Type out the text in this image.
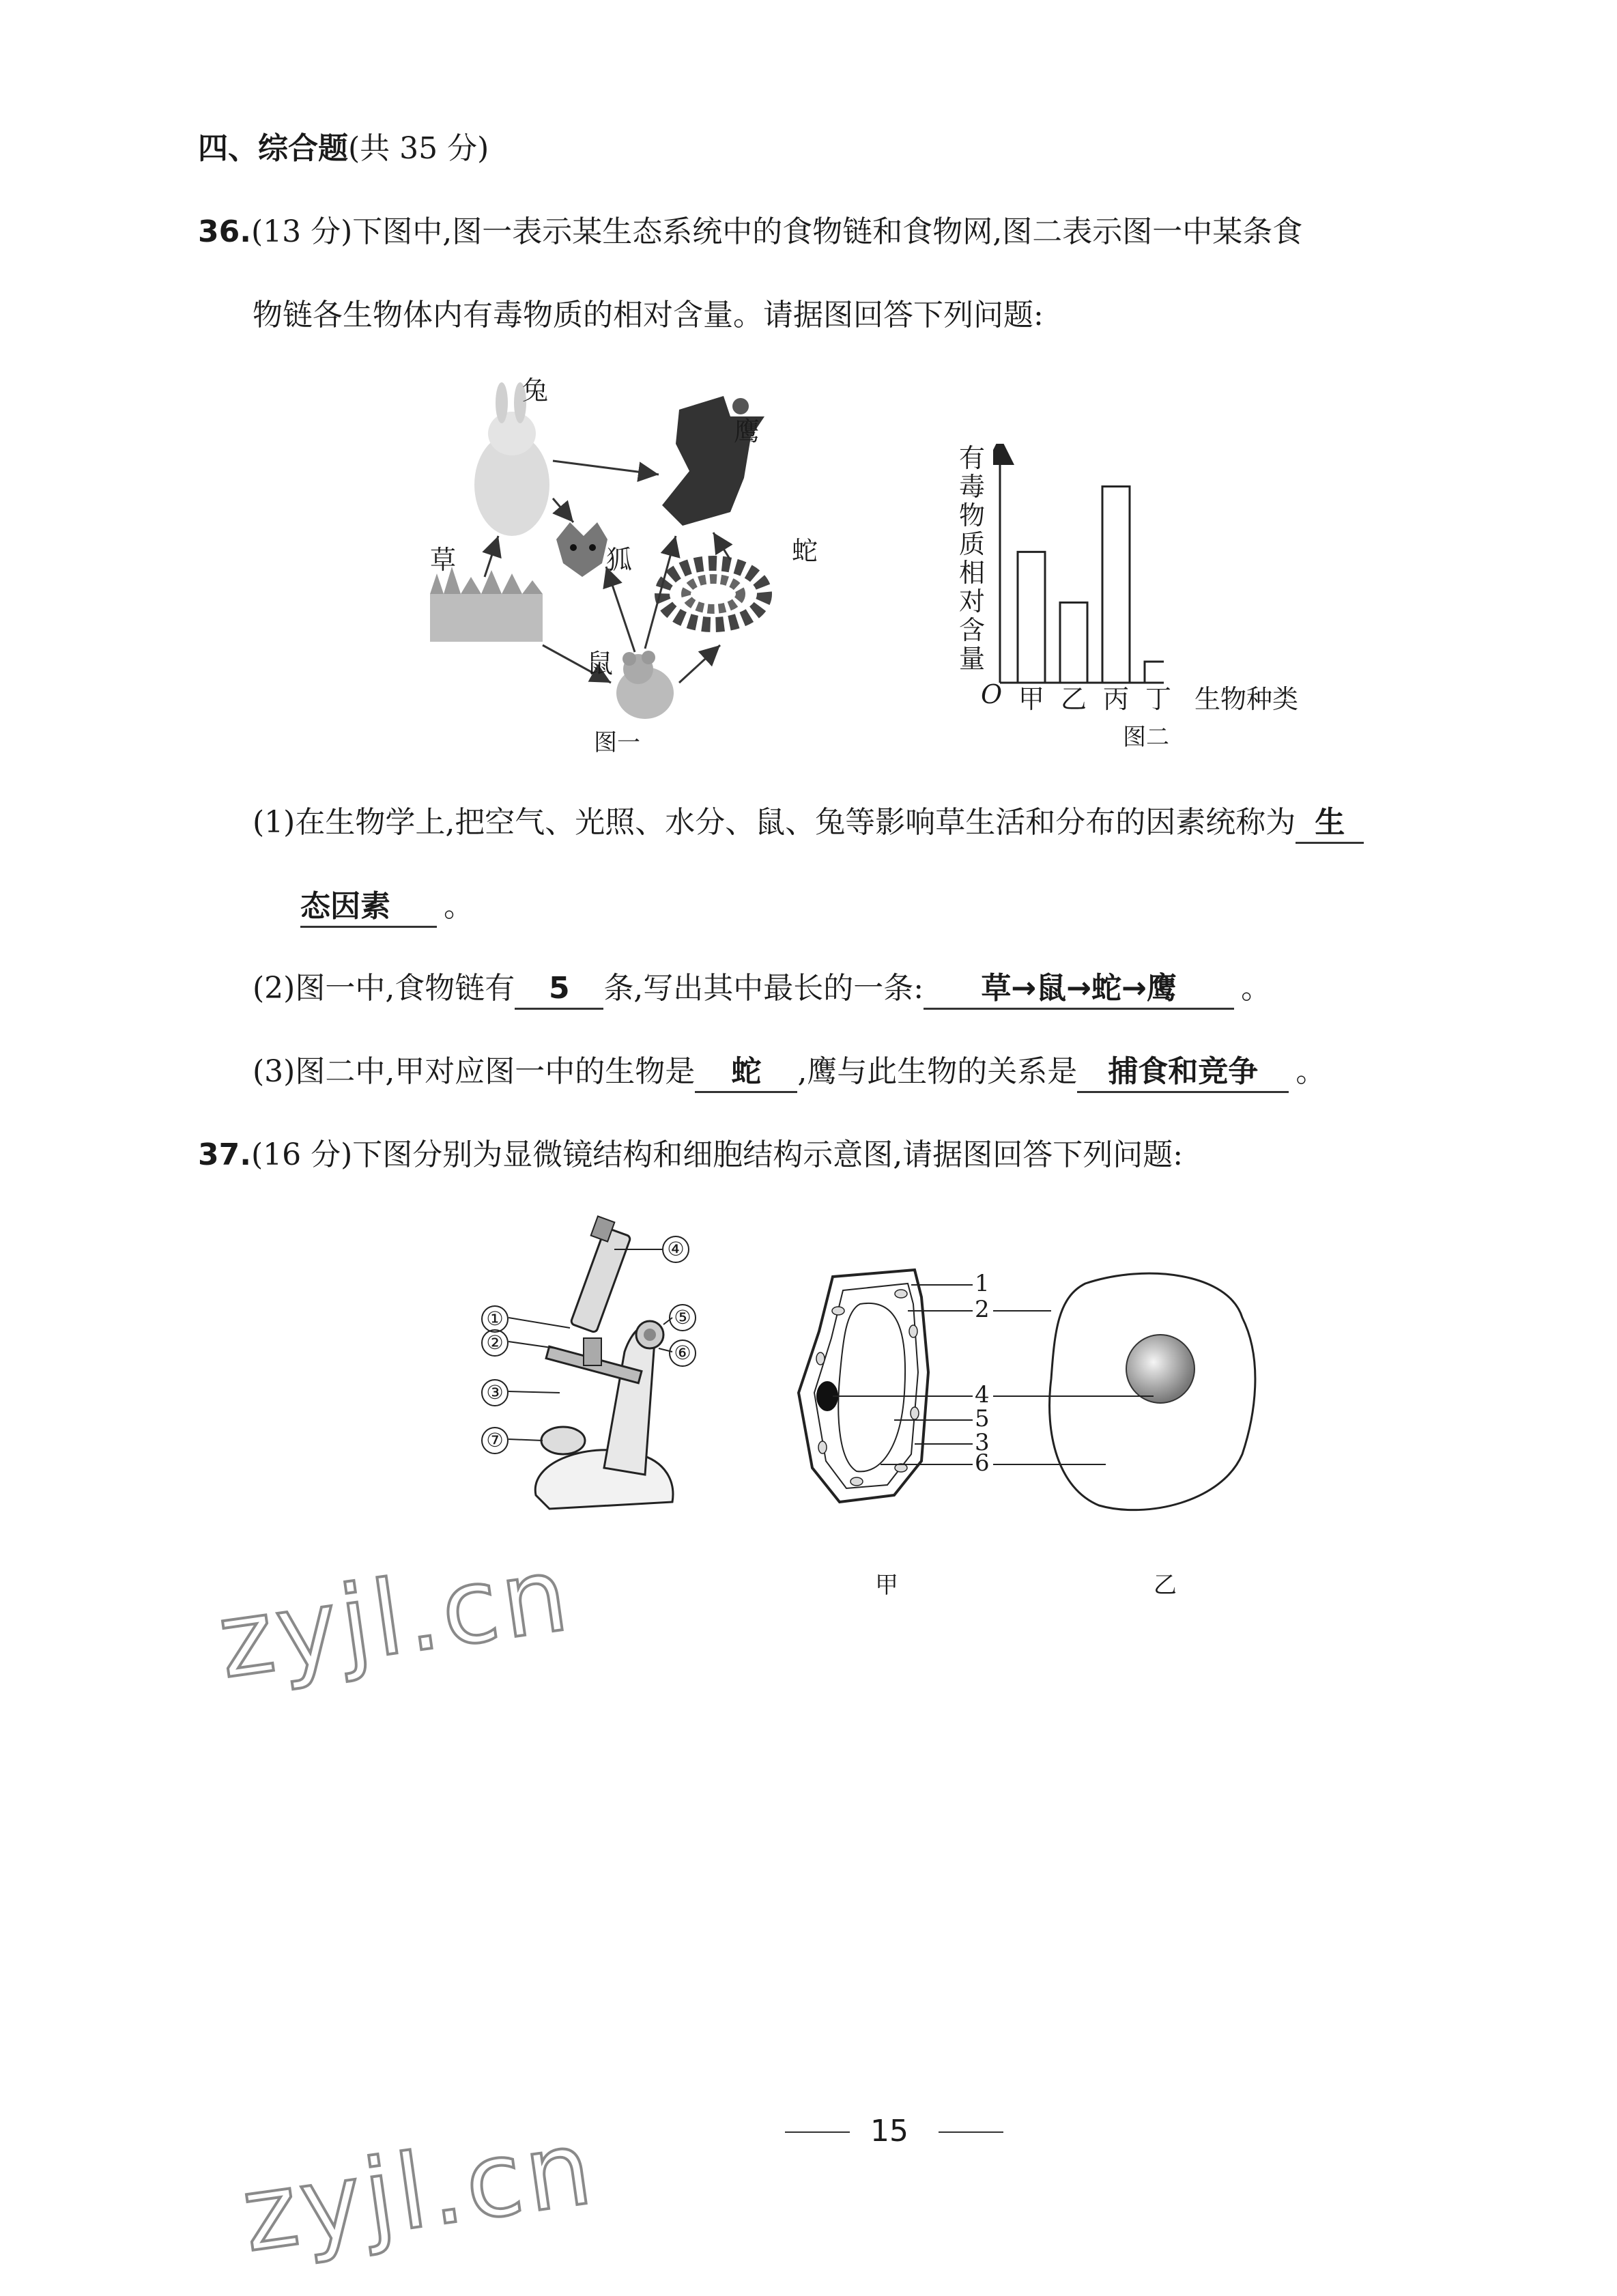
四、综合题(共 35 分)
36.(13 分)下图中,图一表示某生态系统中的食物链和食物网,图二表示图一中某条食
物链各生物体内有毒物质的相对含量。请据图回答下列问题:
兔
鹰
草	狐	蛇
鼠
图一
有
毒
物
质
相
对
含
量
O 甲 乙 丙 丁 生物种类
图二
(1)在生物学上,把空气、光照、水分、鼠、兔等影响草生活和分布的因素统称为 生
态因素 。
(2)图一中,食物链有 5 条,写出其中最长的一条: 草→鼠→蛇→鹰 。
(3)图二中,甲对应图一中的生物是 蛇 ,鹰与此生物的关系是 捕食和竞争 。
37.(16 分)下图分别为显微镜结构和细胞结构示意图,请据图回答下列问题:
①
②
③
④
⑤
⑥
⑦
1
2
4
5
3
6
甲	乙
zyjl.cn
zyjl.cn	15
